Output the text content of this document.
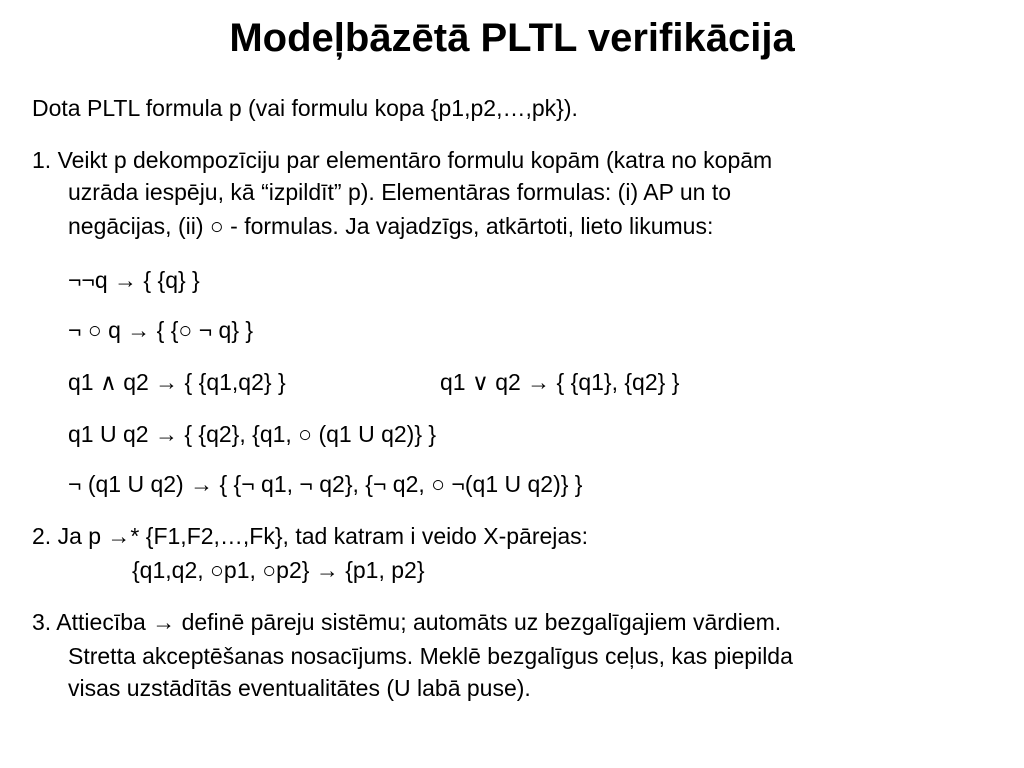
Modeļbāzētā PLTL verifikācija
Dota PLTL formula p (vai formulu kopa {p1,p2,…,pk}).
1. Veikt p dekompozīciju par elementāro formulu kopām (katra no kopām
uzrāda iespēju, kā “izpildīt” p). Elementāras formulas: (i) AP un to
negācijas, (ii) ○ - formulas. Ja vajadzīgs, atkārtoti, lieto likumus:
¬¬q → { {q} }
¬ ○ q → { {○ ¬ q} }
q1 ∧ q2 → { {q1,q2} }	q1 ∨ q2 → { {q1}, {q2} }
q1 U q2 → { {q2}, {q1, ○ (q1 U q2)} }
¬ (q1 U q2) → { {¬ q1, ¬ q2}, {¬ q2, ○ ¬(q1 U q2)} }
2. Ja p →* {F1,F2,…,Fk}, tad katram i veido X-pārejas:
{q1,q2, ○p1, ○p2} → {p1, p2}
3. Attiecība → definē pāreju sistēmu; automāts uz bezgalīgajiem vārdiem.
Stretta akceptēšanas nosacījums. Meklē bezgalīgus ceļus, kas piepilda
visas uzstādītās eventualitātes (U labā puse).
